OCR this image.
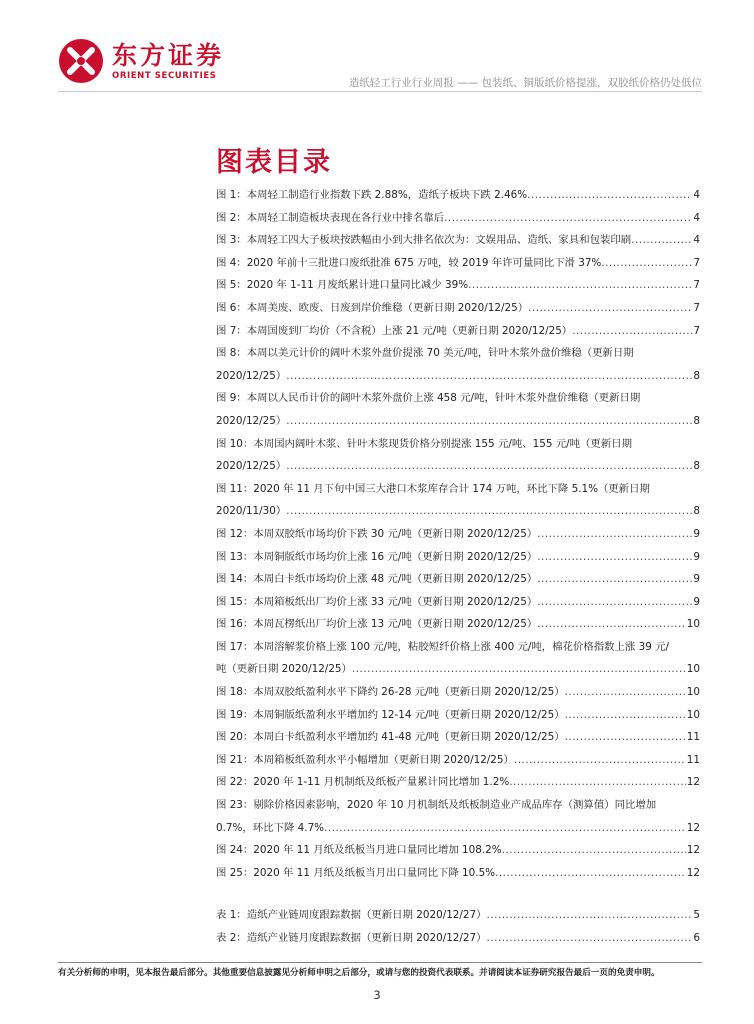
东方证券
ORIENT SECURITIES
造纸轻工行业行业周报 —— 包装纸、铜版纸价格提涨，双胶纸价格仍处低位
图表目录
图 1：本周轻工制造行业指数下跌 2.88%，造纸子板块下跌 2.46% .....	4
图 2：本周轻工制造板块表现在各行业中排名靠后 .....	4
图 3：本周轻工四大子板块按跌幅由小到大排名依次为：文娱用品、造纸、家具和包装印刷 .....	4
图 4：2020 年前十三批进口废纸批准 675 万吨，较 2019 年许可量同比下滑 37% .....	7
图 5：2020 年 1-11 月废纸累计进口量同比减少 39% .....	7
图 6：本周美废、欧废、日废到岸价维稳（更新日期 2020/12/25） .....	7
图 7：本周国废到厂均价（不含税）上涨 21 元/吨（更新日期 2020/12/25） .....	7
图 8：本周以美元计价的阔叶木浆外盘价提涨 70 美元/吨，针叶木浆外盘价维稳（更新日期
2020/12/25） .....	8
图 9：本周以人民币计价的阔叶木浆外盘价上涨 458 元/吨，针叶木浆外盘价维稳（更新日期
2020/12/25） .....	8
图 10：本周国内阔叶木浆、针叶木浆现货价格分别提涨 155 元/吨、155 元/吨（更新日期
2020/12/25） .....	8
图 11：2020 年 11 月下旬中国三大港口木浆库存合计 174 万吨，环比下降 5.1%（更新日期
2020/11/30） .....	8
图 12：本周双胶纸市场均价下跌 30 元/吨（更新日期 2020/12/25） .....	9
图 13：本周铜版纸市场均价上涨 16 元/吨（更新日期 2020/12/25） .....	9
图 14：本周白卡纸市场均价上涨 48 元/吨（更新日期 2020/12/25） .....	9
图 15：本周箱板纸出厂均价上涨 33 元/吨（更新日期 2020/12/25） .....	9
图 16：本周瓦楞纸出厂均价上涨 13 元/吨（更新日期 2020/12/25） .....	10
图 17：本周溶解浆价格上涨 100 元/吨，粘胶短纤价格上涨 400 元/吨，棉花价格指数上涨 39 元/
吨（更新日期 2020/12/25） .....	10
图 18：本周双胶纸盈利水平下降约 26-28 元/吨（更新日期 2020/12/25） .....	10
图 19：本周铜版纸盈利水平增加约 12-14 元/吨（更新日期 2020/12/25） .....	10
图 20：本周白卡纸盈利水平增加约 41-48 元/吨（更新日期 2020/12/25） .....	11
图 21：本周箱板纸盈利水平小幅增加（更新日期 2020/12/25） .....	11
图 22：2020 年 1-11 月机制纸及纸板产量累计同比增加 1.2% .....	12
图 23：剔除价格因素影响，2020 年 10 月机制纸及纸板制造业产成品库存（测算值）同比增加
0.7%，环比下降 4.7% .....	12
图 24：2020 年 11 月纸及纸板当月进口量同比增加 108.2% .....	12
图 25：2020 年 11 月纸及纸板当月出口量同比下降 10.5% .....	12
表 1：造纸产业链周度跟踪数据（更新日期 2020/12/27） .....	5
表 2：造纸产业链月度跟踪数据（更新日期 2020/12/27） .....	6
有关分析师的申明，见本报告最后部分。其他重要信息披露见分析师申明之后部分，或请与您的投资代表联系。并请阅读本证券研究报告最后一页的免责申明。
3
